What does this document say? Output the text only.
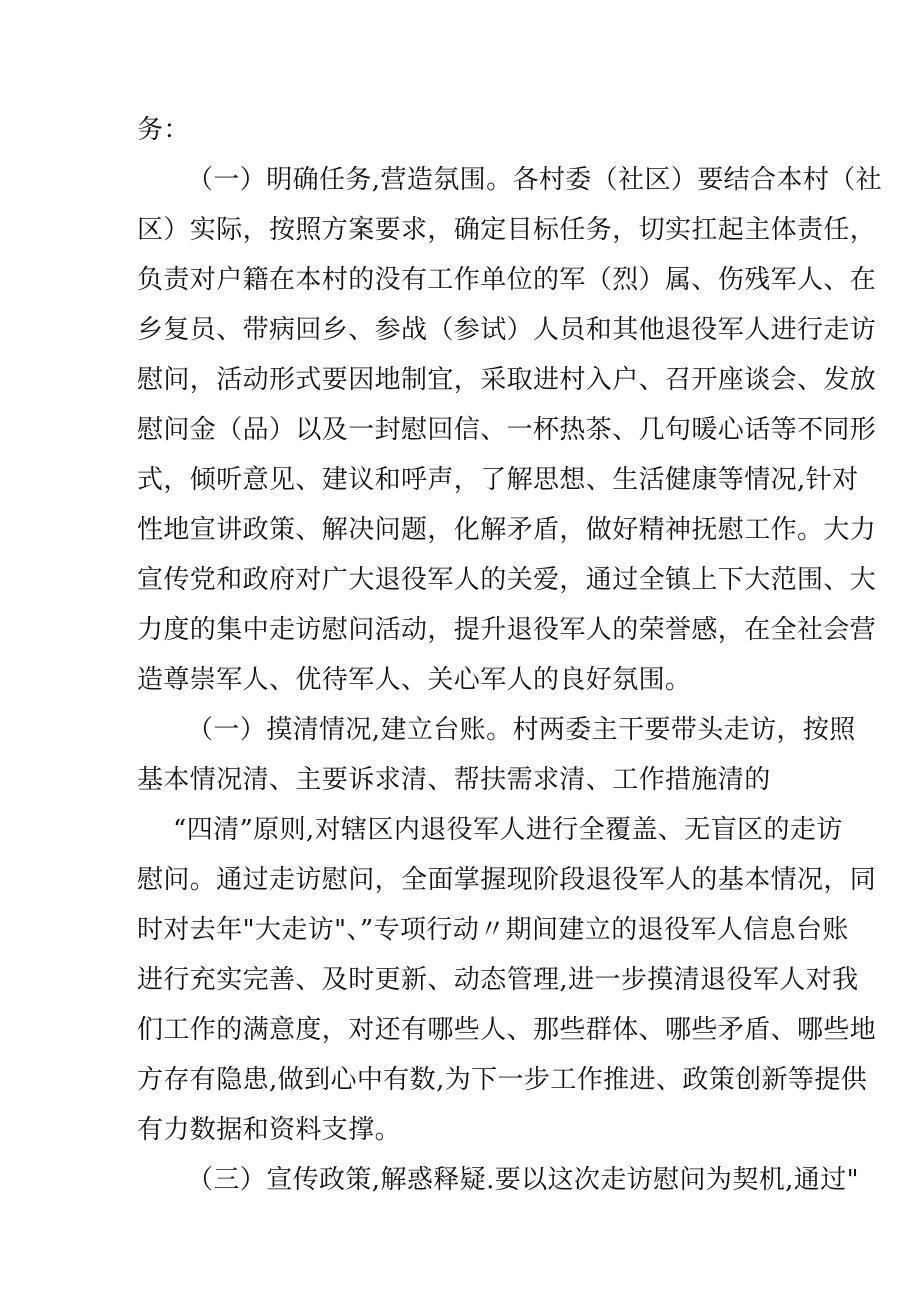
务：
（一）明确任务,营造氛围。各村委（社区）要结合本村（社
区）实际，按照方案要求，确定目标任务，切实扛起主体责任，
负责对户籍在本村的没有工作单位的军（烈）属、伤残军人、在
乡复员、带病回乡、参战（参试）人员和其他退役军人进行走访
慰问，活动形式要因地制宜，采取进村入户、召开座谈会、发放
慰问金（品）以及一封慰回信、一杯热茶、几句暖心话等不同形
式，倾听意见、建议和呼声，了解思想、生活健康等情况,针对
性地宣讲政策、解决问题，化解矛盾，做好精神抚慰工作。大力
宣传党和政府对广大退役军人的关爱，通过全镇上下大范围、大
力度的集中走访慰问活动，提升退役军人的荣誉感，在全社会营
造尊崇军人、优待军人、关心军人的良好氛围。
（一）摸清情况,建立台账。村两委主干要带头走访，按照
基本情况清、主要诉求清、帮扶需求清、工作措施清的
“四清”原则,对辖区内退役军人进行全覆盖、无盲区的走访
慰问。通过走访慰问，全面掌握现阶段退役军人的基本情况，同
时对去年"大走访"、”专项行动〃期间建立的退役军人信息台账
进行充实完善、及时更新、动态管理,进一步摸清退役军人对我
们工作的满意度，对还有哪些人、那些群体、哪些矛盾、哪些地
方存有隐患,做到心中有数,为下一步工作推进、政策创新等提供
有力数据和资料支撑。
（三）宣传政策,解惑释疑.要以这次走访慰问为契机,通过"
